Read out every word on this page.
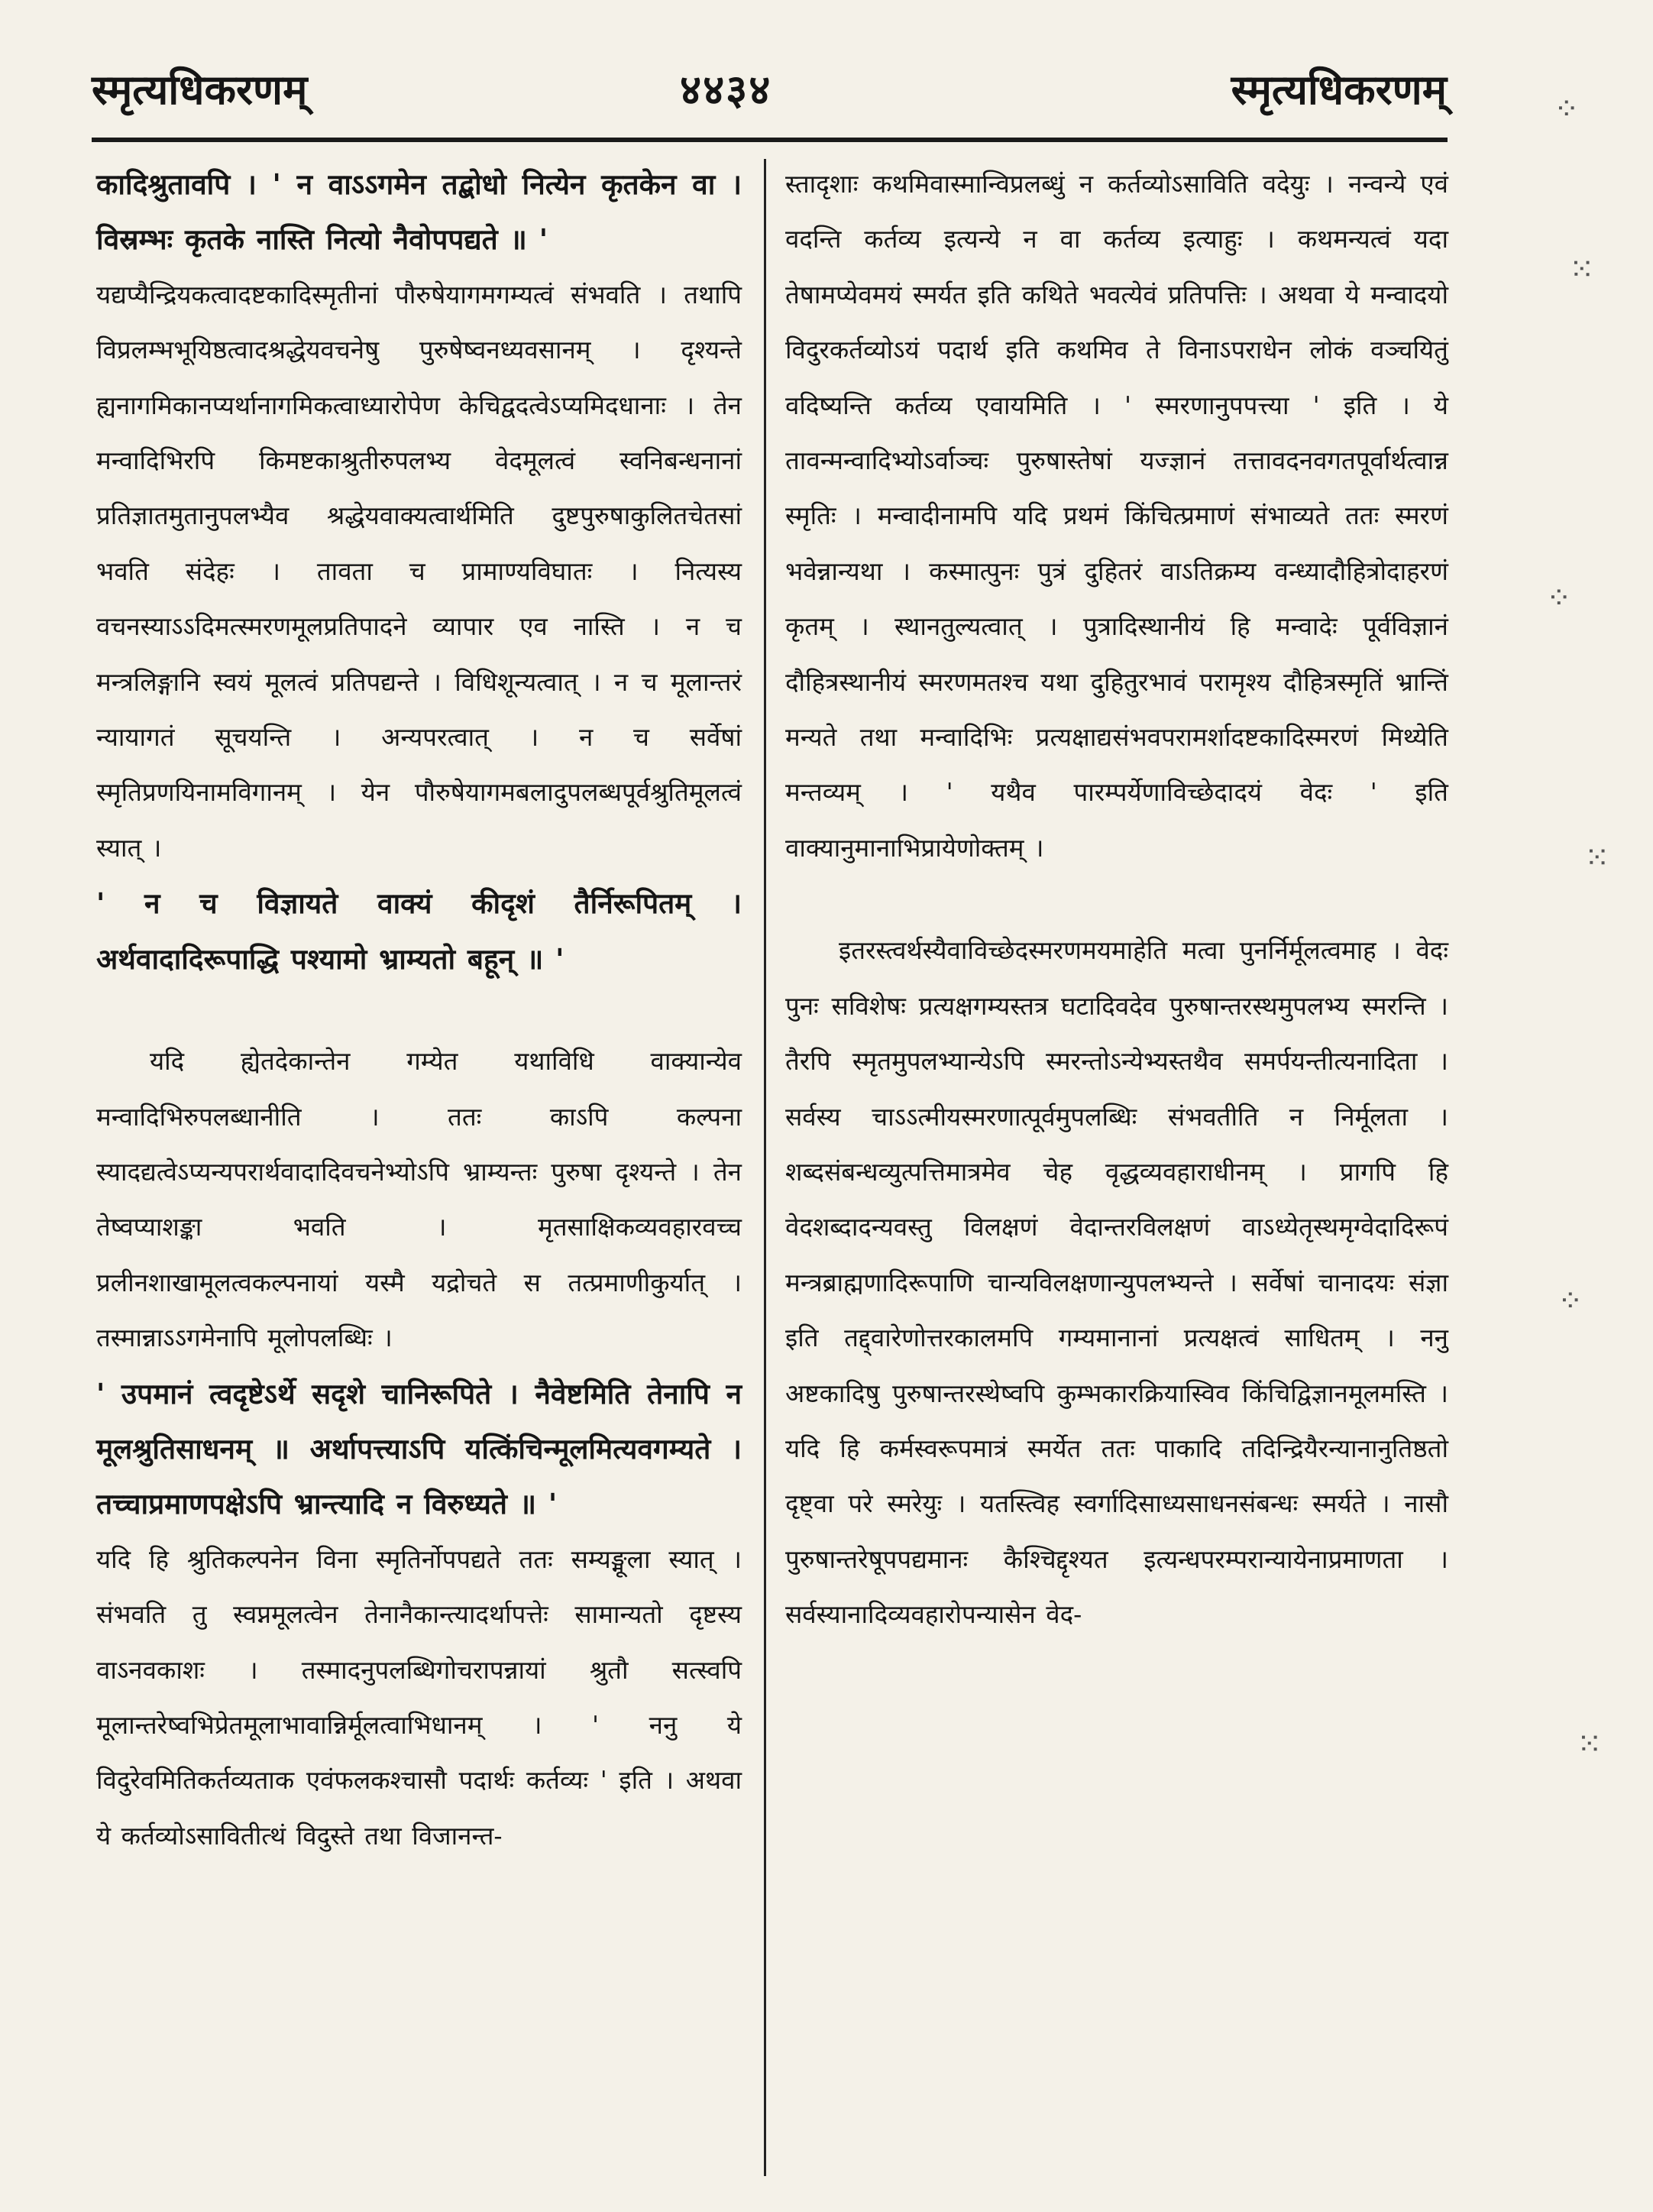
स्मृत्यधिकरणम्	४४३४	स्मृत्यधिकरणम्

कादिश्रुतावपि । ' न वाऽऽगमेन तद्बोधो नित्येन कृतकेन वा । विस्रम्भः कृतके नास्ति नित्यो नैवोपपद्यते ॥ '

यद्यप्यैन्द्रियकत्वादष्टकादिस्मृतीनां पौरुषेयागमगम्यत्वं संभवति । तथापि विप्रलम्भभूयिष्ठत्वादश्रद्धेयवचनेषु पुरुषेष्वनध्यवसानम् । दृश्यन्ते ह्यनागमिकानप्यर्थानागमिकत्वाध्यारोपेण केचिद्वदत्वेऽप्यमिदधानाः । तेन मन्वादिभिरपि किमष्टकाश्रुतीरुपलभ्य वेदमूलत्वं स्वनिबन्धनानां प्रतिज्ञातमुतानुपलभ्यैव श्रद्धेयवाक्यत्वार्थमिति दुष्टपुरुषाकुलितचेतसां भवति संदेहः । तावता च प्रामाण्यविघातः । नित्यस्य वचनस्याऽऽदिमत्स्मरणमूलप्रतिपादने व्यापार एव नास्ति । न च मन्त्रलिङ्गानि स्वयं मूलत्वं प्रतिपद्यन्ते । विधिशून्यत्वात् । न च मूलान्तरं न्यायागतं सूचयन्ति । अन्यपरत्वात् । न च सर्वेषां स्मृतिप्रणयिनामविगानम् । येन पौरुषेयागमबलादुपलब्धपूर्वश्रुतिमूलत्वं स्यात् ।

' न च विज्ञायते वाक्यं कीदृशं तैर्निरूपितम् । अर्थवादादिरूपाद्धि पश्यामो भ्राम्यतो बहून् ॥ '

यदि ह्येतदेकान्तेन गम्येत यथाविधि वाक्यान्येव मन्वादिभिरुपलब्धानीति । ततः काऽपि कल्पना स्यादद्यत्वेऽप्यन्यपरार्थवादादिवचनेभ्योऽपि भ्राम्यन्तः पुरुषा दृश्यन्ते । तेन तेष्वप्याशङ्का भवति । मृतसाक्षिकव्यवहारवच्च प्रलीनशाखामूलत्वकल्पनायां यस्मै यद्रोचते स तत्प्रमाणीकुर्यात् । तस्मान्नाऽऽगमेनापि मूलोपलब्धिः ।

' उपमानं त्वदृष्टेऽर्थे सदृशे चानिरूपिते । नैवेष्टमिति तेनापि न मूलश्रुतिसाधनम् ॥ अर्थापत्त्याऽपि यत्किंचिन्मूलमित्यवगम्यते । तच्चाप्रमाणपक्षेऽपि भ्रान्त्यादि न विरुध्यते ॥ '

यदि हि श्रुतिकल्पनेन विना स्मृतिर्नोपपद्यते ततः सम्यङ्मूला स्यात् । संभवति तु स्वप्नमूलत्वेन तेनानैकान्त्यादर्थापत्तेः सामान्यतो दृष्टस्य वाऽनवकाशः । तस्मादनुपलब्धिगोचरापन्नायां श्रुतौ सत्स्वपि मूलान्तरेष्वभिप्रेतमूलाभावान्निर्मूलत्वाभिधानम् । ' ननु ये विदुरेवमितिकर्तव्यताक एवंफलकश्चासौ पदार्थः कर्तव्यः ' इति । अथवा ये कर्तव्योऽसावितीत्थं विदुस्ते तथा विजानन्त-

स्तादृशाः कथमिवास्मान्विप्रलब्धुं न कर्तव्योऽसाविति वदेयुः । नन्वन्ये एवं वदन्ति कर्तव्य इत्यन्ये न वा कर्तव्य इत्याहुः । कथमन्यत्वं यदा तेषामप्येवमयं स्मर्यत इति कथिते भवत्येवं प्रतिपत्तिः । अथवा ये मन्वादयो विदुरकर्तव्योऽयं पदार्थ इति कथमिव ते विनाऽपराधेन लोकं वञ्चयितुं वदिष्यन्ति कर्तव्य एवायमिति । ' स्मरणानुपपत्त्या ' इति । ये तावन्मन्वादिभ्योऽर्वाञ्चः पुरुषास्तेषां यज्ज्ञानं तत्तावदनवगतपूर्वार्थत्वान्न स्मृतिः । मन्वादीनामपि यदि प्रथमं किंचित्प्रमाणं संभाव्यते ततः स्मरणं भवेन्नान्यथा । कस्मात्पुनः पुत्रं दुहितरं वाऽतिक्रम्य वन्ध्यादौहित्रोदाहरणं कृतम् । स्थानतुल्यत्वात् । पुत्रादिस्थानीयं हि मन्वादेः पूर्वविज्ञानं दौहित्रस्थानीयं स्मरणमतश्च यथा दुहितुरभावं परामृश्य दौहित्रस्मृतिं भ्रान्तिं मन्यते तथा मन्वादिभिः प्रत्यक्षाद्यसंभवपरामर्शादष्टकादिस्मरणं मिथ्येति मन्तव्यम् । ' यथैव पारम्पर्येणाविच्छेदादयं वेदः ' इति वाक्यानुमानाभिप्रायेणोक्तम् ।

इतरस्त्वर्थस्यैवाविच्छेदस्मरणमयमाहेति मत्वा पुनर्निर्मूलत्वमाह । वेदः पुनः सविशेषः प्रत्यक्षगम्यस्तत्र घटादिवदेव पुरुषान्तरस्थमुपलभ्य स्मरन्ति । तैरपि स्मृतमुपलभ्यान्येऽपि स्मरन्तोऽन्येभ्यस्तथैव समर्पयन्तीत्यनादिता । सर्वस्य चाऽऽत्मीयस्मरणात्पूर्वमुपलब्धिः संभवतीति न निर्मूलता । शब्दसंबन्धव्युत्पत्तिमात्रमेव चेह वृद्धव्यवहाराधीनम् । प्रागपि हि वेदशब्दादन्यवस्तु विलक्षणं वेदान्तरविलक्षणं वाऽध्येतृस्थमृग्वेदादिरूपं मन्त्रब्राह्मणादिरूपाणि चान्यविलक्षणान्युपलभ्यन्ते । सर्वेषां चानादयः संज्ञा इति तद्द्वारेणोत्तरकालमपि गम्यमानानां प्रत्यक्षत्वं साधितम् । ननु अष्टकादिषु पुरुषान्तरस्थेष्वपि कुम्भकारक्रियास्विव किंचिद्विज्ञानमूलमस्ति । यदि हि कर्मस्वरूपमात्रं स्मर्येत ततः पाकादि तदिन्द्रियैरन्यानानुतिष्ठतो दृष्ट्वा परे स्मरेयुः । यतस्त्विह स्वर्गादिसाध्यसाधनसंबन्धः स्मर्यते । नासौ पुरुषान्तरेषूपपद्यमानः कैश्चिद्दृश्यत इत्यन्धपरम्परान्यायेनाप्रमाणता । सर्वस्यानादिव्यवहारोपन्यासेन वेद-

⁘
⁙
⁘
⁙
⁘
⁙
